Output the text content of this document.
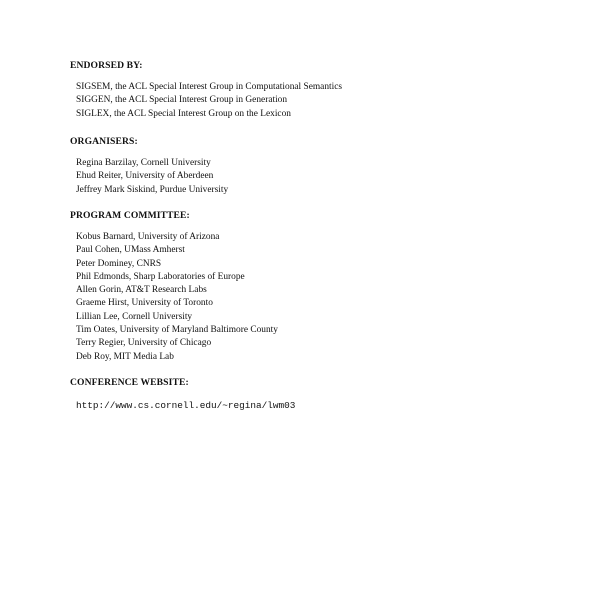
ENDORSED BY:

SIGSEM, the ACL Special Interest Group in Computational Semantics
SIGGEN, the ACL Special Interest Group in Generation
SIGLEX, the ACL Special Interest Group on the Lexicon

ORGANISERS:

Regina Barzilay, Cornell University
Ehud Reiter, University of Aberdeen
Jeffrey Mark Siskind, Purdue University

PROGRAM COMMITTEE:

Kobus Barnard, University of Arizona
Paul Cohen, UMass Amherst
Peter Dominey, CNRS
Phil Edmonds, Sharp Laboratories of Europe
Allen Gorin, AT&T Research Labs
Graeme Hirst, University of Toronto
Lillian Lee, Cornell University
Tim Oates, University of Maryland Baltimore County
Terry Regier, University of Chicago
Deb Roy, MIT Media Lab

CONFERENCE WEBSITE:

http://www.cs.cornell.edu/~regina/lwm03
